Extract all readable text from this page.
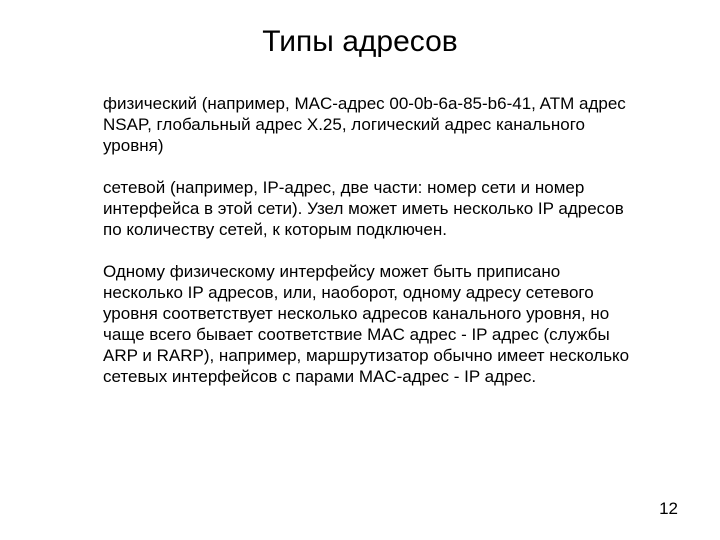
Типы адресов

физический (например, MAC-адрес 00-0b-6a-85-b6-41, ATM адрес NSAP, глобальный адрес X.25, логический адрес канального уровня)

сетевой (например, IP-адрес, две части: номер сети и номер интерфейса в этой сети). Узел может иметь несколько IP адресов по количеству сетей, к которым подключен.

Одному физическому интерфейсу может быть приписано несколько IP адресов, или, наоборот, одному адресу сетевого уровня соответствует несколько адресов канального уровня, но чаще всего бывает соответствие MAC адрес - IP адрес (службы ARP и RARP), например, маршрутизатор обычно имеет несколько сетевых интерфейсов с парами MAC-адрес - IP адрес.

12
